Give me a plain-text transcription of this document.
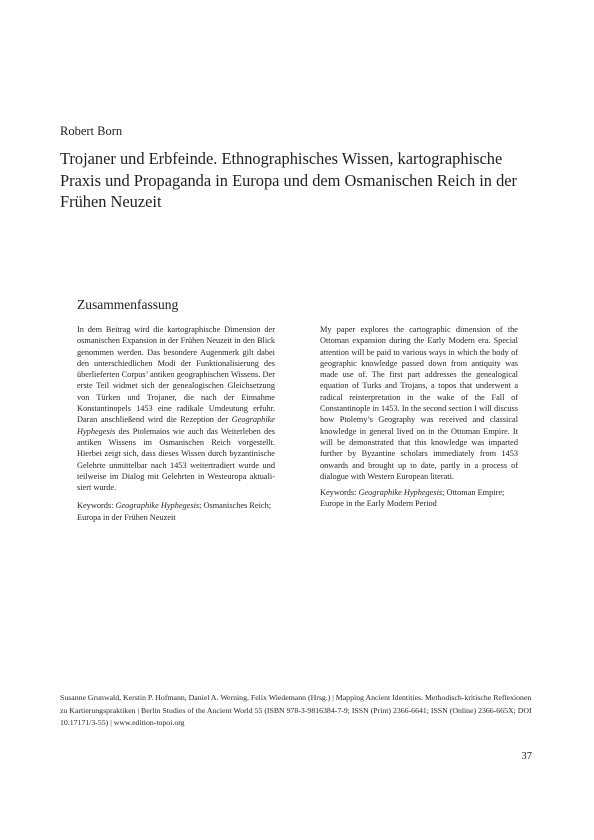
Robert Born

Trojaner und Erbfeinde. Ethnographisches Wissen, kartographische Praxis und Propaganda in Europa und dem Osmanischen Reich in der Frühen Neuzeit
Zusammenfassung

In dem Beitrag wird die kartographische Dimension der osmanischen Expansion in der Frühen Neuzeit in den Blick genommen werden. Das besondere Augenmerk gilt dabei den unterschiedlichen Modi der Funktionalisierung des überlieferten Corpus’ antiken geographischen Wissens. Der erste Teil widmet sich der genealogischen Gleichsetzung von Türken und Trojaner, die nach der Einnahme Konstantinopels 1453 eine radikale Umdeutung erfuhr. Daran anschließend wird die Rezeption der Geographike Hyphegesis des Ptolemaios wie auch das Weiterleben des antiken Wissens im Osmanischen Reich vorgestellt. Hierbei zeigt sich, dass dieses Wissen durch byzantinische Gelehrte unmittelbar nach 1453 weitertradiert wurde und teilweise im Dialog mit Gelehrten in Westeuropa aktualisiert wurde.

Keywords: Geographike Hyphegesis; Osmanisches Reich; Europa in der Frühen Neuzeit

My paper explores the cartographic dimension of the Ottoman expansion during the Early Modern era. Special attention will be paid to various ways in which the body of geographic knowledge passed down from antiquity was made use of. The first part addresses the genealogical equation of Turks and Trojans, a topos that underwent a radical reinterpretation in the wake of the Fall of Constantinople in 1453. In the second section I will discuss how Ptolemy’s Geography was received and classical knowledge in general lived on in the Ottoman Empire. It will be demonstrated that this knowledge was imparted further by Byzantine scholars immediately from 1453 onwards and brought up to date, partly in a process of dialogue with Western European literati.

Keywords: Geographike Hyphegesis; Ottoman Empire; Europe in the Early Modern Period

Susanne Grunwald, Kerstin P. Hofmann, Daniel A. Werning, Felix Wiedemann (Hrsg.) | Mapping Ancient Identities. Methodisch-kritische Reflexionen zu Kartierungspraktiken | Berlin Studies of the Ancient World 55 (ISBN 978-3-9816384-7-9; ISSN (Print) 2366-6641; ISSN (Online) 2366-665X; DOI 10.17171/3-55) | www.edition-topoi.org

37
